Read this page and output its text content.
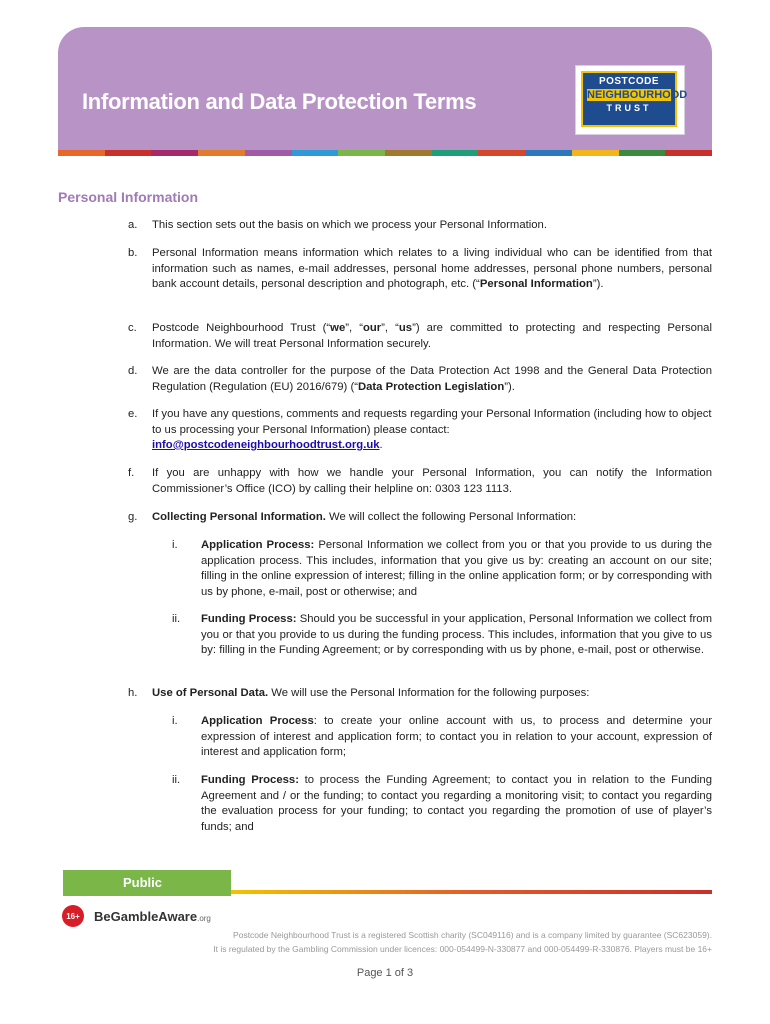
Information and Data Protection Terms
POSTCODE
NEIGHBOURHOOD
TRUST
Personal Information
a. This section sets out the basis on which we process your Personal Information.
b. Personal Information means information which relates to a living individual who can be identified from that information such as names, e-mail addresses, personal home addresses, personal phone numbers, personal bank account details, personal description and photograph, etc. (“Personal Information”).
c. Postcode Neighbourhood Trust (“we”, “our”, “us”) are committed to protecting and respecting Personal Information. We will treat Personal Information securely.
d. We are the data controller for the purpose of the Data Protection Act 1998 and the General Data Protection Regulation (Regulation (EU) 2016/679) (“Data Protection Legislation”).
e. If you have any questions, comments and requests regarding your Personal Information (including how to object to us processing your Personal Information) please contact:
info@postcodeneighbourhoodtrust.org.uk.
f. If you are unhappy with how we handle your Personal Information, you can notify the Information Commissioner’s Office (ICO) by calling their helpline on: 0303 123 1113.
g. Collecting Personal Information. We will collect the following Personal Information:
i. Application Process: Personal Information we collect from you or that you provide to us during the application process. This includes, information that you give us by: creating an account on our site; filling in the online expression of interest; filling in the online application form; or by corresponding with us by phone, e-mail, post or otherwise; and
ii. Funding Process: Should you be successful in your application, Personal Information we collect from you or that you provide to us during the funding process. This includes, information that you give to us by: filling in the Funding Agreement; or by corresponding with us by phone, e-mail, post or otherwise.
h. Use of Personal Data. We will use the Personal Information for the following purposes:
i. Application Process: to create your online account with us, to process and determine your expression of interest and application form; to contact you in relation to your account, expression of interest and application form;
ii. Funding Process: to process the Funding Agreement; to contact you in relation to the Funding Agreement and / or the funding; to contact you regarding a monitoring visit; to contact you regarding the evaluation process for your funding; to contact you regarding the promotion of use of player’s funds; and
Public
16+	BeGambleAware.org
Postcode Neighbourhood Trust is a registered Scottish charity (SC049116) and is a company limited by guarantee (SC623059).
It is regulated by the Gambling Commission under licences: 000-054499-N-330877 and 000-054499-R-330876. Players must be 16+
Page 1 of 3
